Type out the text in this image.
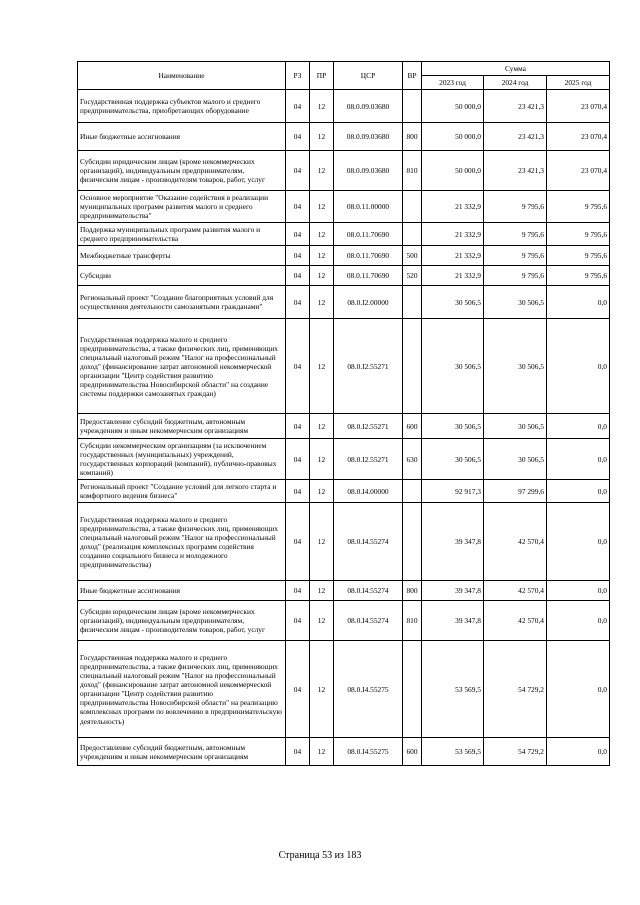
Наименование	РЗ	ПР	ЦСР	ВР	Сумма		
					2023 год	2024 год	2025 год
Государственная поддержка субъектов малого и среднего предпринимательства, приобретающих оборудование	04	12	08.0.09.03680		50 000,0	23 421,3	23 070,4
Иные бюджетные ассигнования	04	12	08.0.09.03680	800	50 000,0	23 421,3	23 070,4
Субсидии юридическим лицам (кроме некоммерческих организаций), индивидуальным предпринимателям, физическим лицам - производителям товаров, работ, услуг	04	12	08.0.09.03680	810	50 000,0	23 421,3	23 070,4
Основное мероприятие "Оказание содействия в реализации муниципальных программ развития малого и среднего предпринимательства"	04	12	08.0.11.00000		21 332,9	9 795,6	9 795,6
Поддержка муниципальных программ развития малого и среднего предпринимательства	04	12	08.0.11.70690		21 332,9	9 795,6	9 795,6
Межбюджетные трансферты	04	12	08.0.11.70690	500	21 332,9	9 795,6	9 795,6
Субсидии	04	12	08.0.11.70690	520	21 332,9	9 795,6	9 795,6
Региональный проект "Создание благоприятных условий для осуществления деятельности самозанятыми гражданами"	04	12	08.0.I2.00000		30 506,5	30 506,5	0,0
Государственная поддержка малого и среднего предпринимательства, а также физических лиц, применяющих специальный налоговый режим "Налог на профессиональный доход" (финансирование затрат автономной некоммерческой организации "Центр содействия развитию предпринимательства Новосибирской области" на создание системы поддержки самозанятых граждан)	04	12	08.0.I2.55271		30 506,5	30 506,5	0,0
Предоставление субсидий бюджетным, автономным учреждениям и иным некоммерческим организациям	04	12	08.0.I2.55271	600	30 506,5	30 506,5	0,0
Субсидии некоммерческим организациям (за исключением государственных (муниципальных) учреждений, государственных корпораций (компаний), публично-правовых компаний)	04	12	08.0.I2.55271	630	30 506,5	30 506,5	0,0
Региональный проект "Создание условий для легкого старта и комфортного ведения бизнеса"	04	12	08.0.I4.00000		92 917,3	97 299,6	0,0
Государственная поддержка малого и среднего предпринимательства, а также физических лиц, применяющих специальный налоговый режим "Налог на профессиональный доход" (реализация комплексных программ содействия созданию социального бизнеса и молодежного предпринимательства)	04	12	08.0.I4.55274		39 347,8	42 570,4	0,0
Иные бюджетные ассигнования	04	12	08.0.I4.55274	800	39 347,8	42 570,4	0,0
Субсидии юридическим лицам (кроме некоммерческих организаций), индивидуальным предпринимателям, физическим лицам - производителям товаров, работ, услуг	04	12	08.0.I4.55274	810	39 347,8	42 570,4	0,0
Государственная поддержка малого и среднего предпринимательства, а также физических лиц, применяющих специальный налоговый режим "Налог на профессиональный доход" (финансирование затрат автономной некоммерческой организации "Центр содействия развитию предпринимательства Новосибирской области" на реализацию комплексных программ по вовлечению в предпринимательскую деятельность)	04	12	08.0.I4.55275		53 569,5	54 729,2	0,0
Предоставление субсидий бюджетным, автономным учреждениям и иным некоммерческим организациям	04	12	08.0.I4.55275	600	53 569,5	54 729,2	0,0
Страница 53 из 183
